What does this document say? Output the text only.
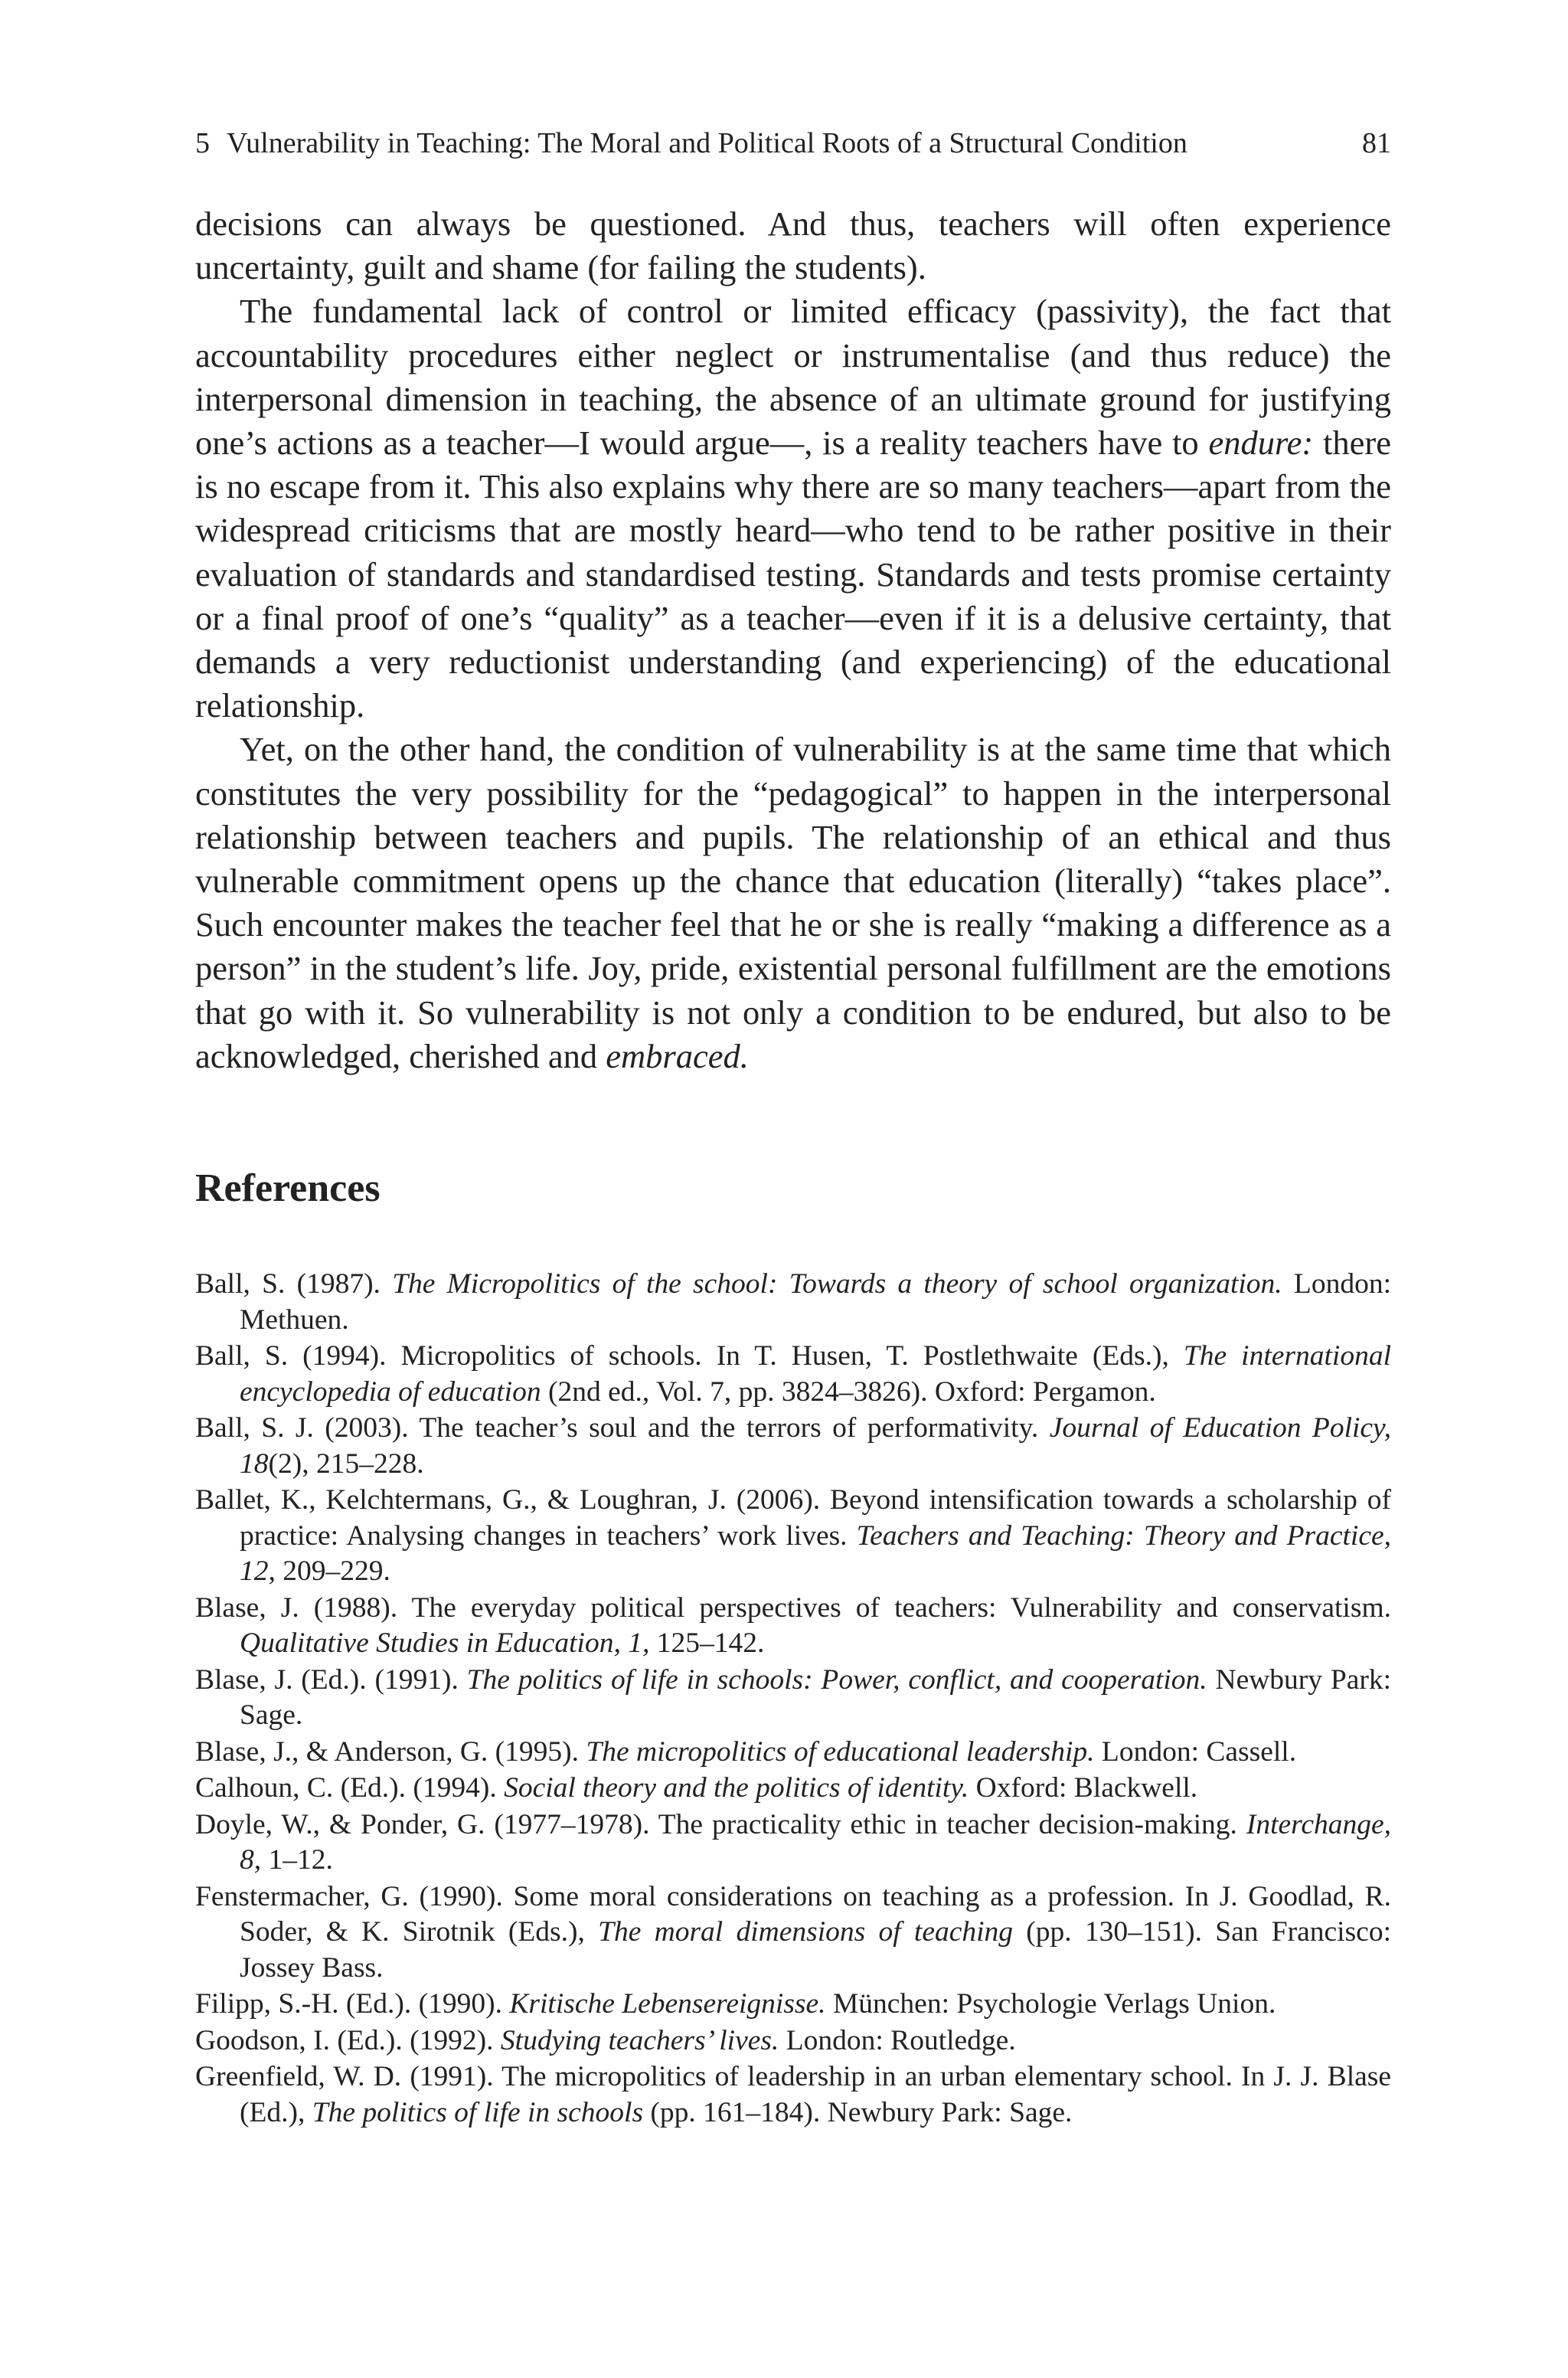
5 Vulnerability in Teaching: The Moral and Political Roots of a Structural Condition	81

decisions can always be questioned. And thus, teachers will often experience uncertainty, guilt and shame (for failing the students).

The fundamental lack of control or limited efficacy (passivity), the fact that accountability procedures either neglect or instrumentalise (and thus reduce) the interpersonal dimension in teaching, the absence of an ultimate ground for justifying one’s actions as a teacher—I would argue—, is a reality teachers have to endure: there is no escape from it. This also explains why there are so many teachers—apart from the widespread criticisms that are mostly heard—who tend to be rather positive in their evaluation of standards and standardised testing. Standards and tests promise certainty or a final proof of one’s “quality” as a teacher—even if it is a delusive certainty, that demands a very reductionist understanding (and experiencing) of the educational relationship.

Yet, on the other hand, the condition of vulnerability is at the same time that which constitutes the very possibility for the “pedagogical” to happen in the interpersonal relationship between teachers and pupils. The relationship of an ethical and thus vulnerable commitment opens up the chance that education (literally) “takes place”. Such encounter makes the teacher feel that he or she is really “making a difference as a person” in the student’s life. Joy, pride, existential personal fulfillment are the emotions that go with it. So vulnerability is not only a condition to be endured, but also to be acknowledged, cherished and embraced.

References
Ball, S. (1987). The Micropolitics of the school: Towards a theory of school organization. London: Methuen.
Ball, S. (1994). Micropolitics of schools. In T. Husen, T. Postlethwaite (Eds.), The international encyclopedia of education (2nd ed., Vol. 7, pp. 3824–3826). Oxford: Pergamon.
Ball, S. J. (2003). The teacher’s soul and the terrors of performativity. Journal of Education Policy, 18(2), 215–228.
Ballet, K., Kelchtermans, G., & Loughran, J. (2006). Beyond intensification towards a scholarship of practice: Analysing changes in teachers’ work lives. Teachers and Teaching: Theory and Practice, 12, 209–229.
Blase, J. (1988). The everyday political perspectives of teachers: Vulnerability and conservatism. Qualitative Studies in Education, 1, 125–142.
Blase, J. (Ed.). (1991). The politics of life in schools: Power, conflict, and cooperation. Newbury Park: Sage.
Blase, J., & Anderson, G. (1995). The micropolitics of educational leadership. London: Cassell.
Calhoun, C. (Ed.). (1994). Social theory and the politics of identity. Oxford: Blackwell.
Doyle, W., & Ponder, G. (1977–1978). The practicality ethic in teacher decision-making. Interchange, 8, 1–12.
Fenstermacher, G. (1990). Some moral considerations on teaching as a profession. In J. Goodlad, R. Soder, & K. Sirotnik (Eds.), The moral dimensions of teaching (pp. 130–151). San Francisco: Jossey Bass.
Filipp, S.-H. (Ed.). (1990). Kritische Lebensereignisse. München: Psychologie Verlags Union.
Goodson, I. (Ed.). (1992). Studying teachers’ lives. London: Routledge.
Greenfield, W. D. (1991). The micropolitics of leadership in an urban elementary school. In J. J. Blase (Ed.), The politics of life in schools (pp. 161–184). Newbury Park: Sage.
